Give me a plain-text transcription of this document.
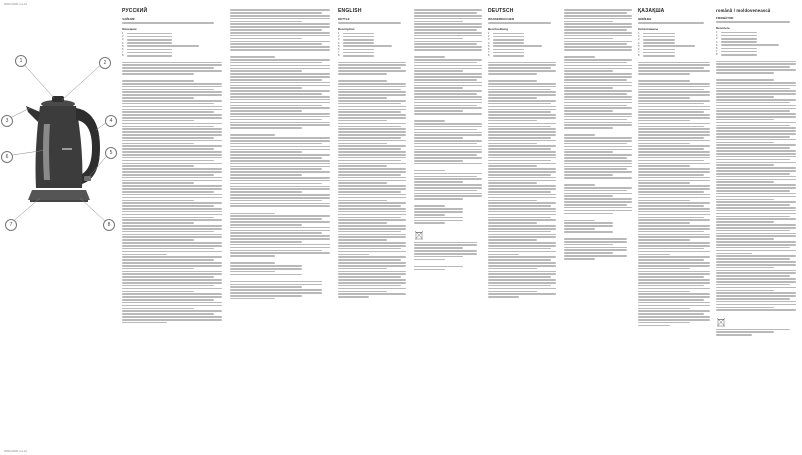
0000-0000 rus kz.
0000-0000 rus kz.
1	2
3	4
5
6
7	8
РУССКИЙ
ЧАЙНИК
Описание
1
2
3
4
5
6
7
8
ENGLISH
KETTLE
Description
1
2
3
4
5
6
7
8
DEUTSCH
WASSERKOCHER
Beschreibung
1
2
3
4
5
6
7
8
ҚАЗАҚША
ШӘЙНЕК
Сипаттамасы
1
2
3
4
5
6
7
8
românã / moldovenească
FIERBĂTOR
Descriere
1
2
3
4
5
6
7
8
